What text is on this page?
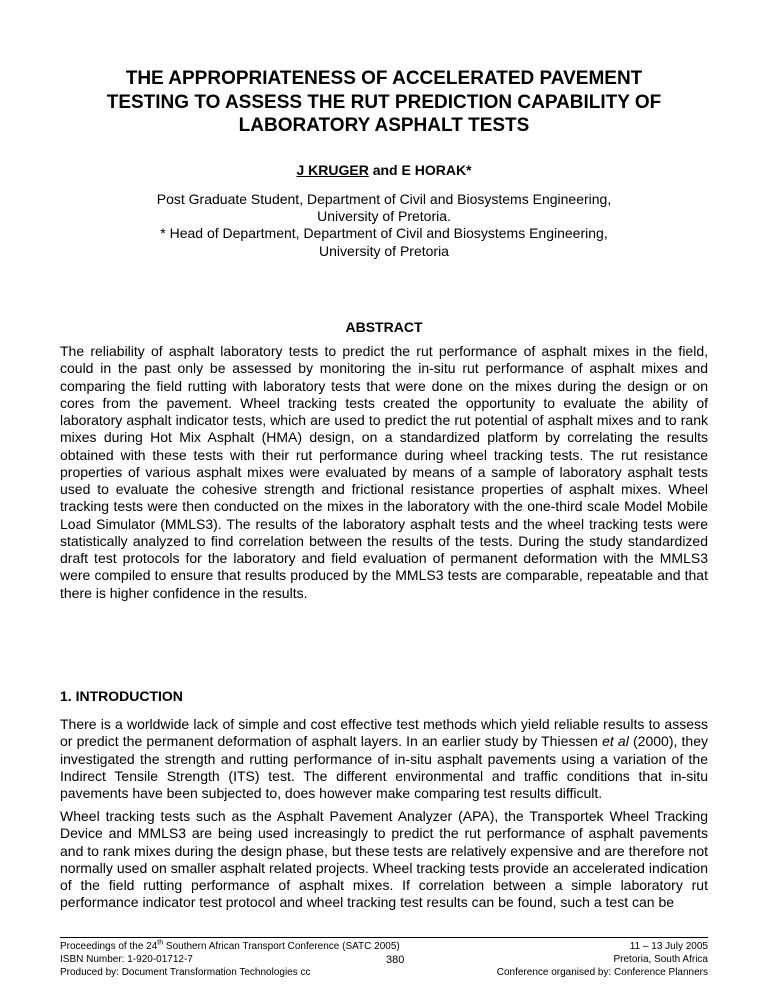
THE APPROPRIATENESS OF ACCELERATED PAVEMENT
TESTING TO ASSESS THE RUT PREDICTION CAPABILITY OF
LABORATORY ASPHALT TESTS
J KRUGER and E HORAK*
Post Graduate Student, Department of Civil and Biosystems Engineering,
University of Pretoria.
* Head of Department, Department of Civil and Biosystems Engineering,
University of Pretoria
ABSTRACT

The reliability of asphalt laboratory tests to predict the rut performance of asphalt mixes in the field, could in the past only be assessed by monitoring the in-situ rut performance of asphalt mixes and comparing the field rutting with laboratory tests that were done on the mixes during the design or on cores from the pavement. Wheel tracking tests created the opportunity to evaluate the ability of laboratory asphalt indicator tests, which are used to predict the rut potential of asphalt mixes and to rank mixes during Hot Mix Asphalt (HMA) design, on a standardized platform by correlating the results obtained with these tests with their rut performance during wheel tracking tests. The rut resistance properties of various asphalt mixes were evaluated by means of a sample of laboratory asphalt tests used to evaluate the cohesive strength and frictional resistance properties of asphalt mixes. Wheel tracking tests were then conducted on the mixes in the laboratory with the one-third scale Model Mobile Load Simulator (MMLS3). The results of the laboratory asphalt tests and the wheel tracking tests were statistically analyzed to find correlation between the results of the tests. During the study standardized draft test protocols for the laboratory and field evaluation of permanent deformation with the MMLS3 were compiled to ensure that results produced by the MMLS3 tests are comparable, repeatable and that there is higher confidence in the results.

1. INTRODUCTION

There is a worldwide lack of simple and cost effective test methods which yield reliable results to assess or predict the permanent deformation of asphalt layers. In an earlier study by Thiessen et al (2000), they investigated the strength and rutting performance of in-situ asphalt pavements using a variation of the Indirect Tensile Strength (ITS) test. The different environmental and traffic conditions that in-situ pavements have been subjected to, does however make comparing test results difficult.

Wheel tracking tests such as the Asphalt Pavement Analyzer (APA), the Transportek Wheel Tracking Device and MMLS3 are being used increasingly to predict the rut performance of asphalt pavements and to rank mixes during the design phase, but these tests are relatively expensive and are therefore not normally used on smaller asphalt related projects. Wheel tracking tests provide an accelerated indication of the field rutting performance of asphalt mixes. If correlation between a simple laboratory rut performance indicator test protocol and wheel tracking test results can be found, such a test can be

Proceedings of the 24th Southern African Transport Conference (SATC 2005)
ISBN Number: 1-920-01712-7
Produced by: Document Transformation Technologies cc
380
11 – 13 July 2005
Pretoria, South Africa
Conference organised by: Conference Planners
